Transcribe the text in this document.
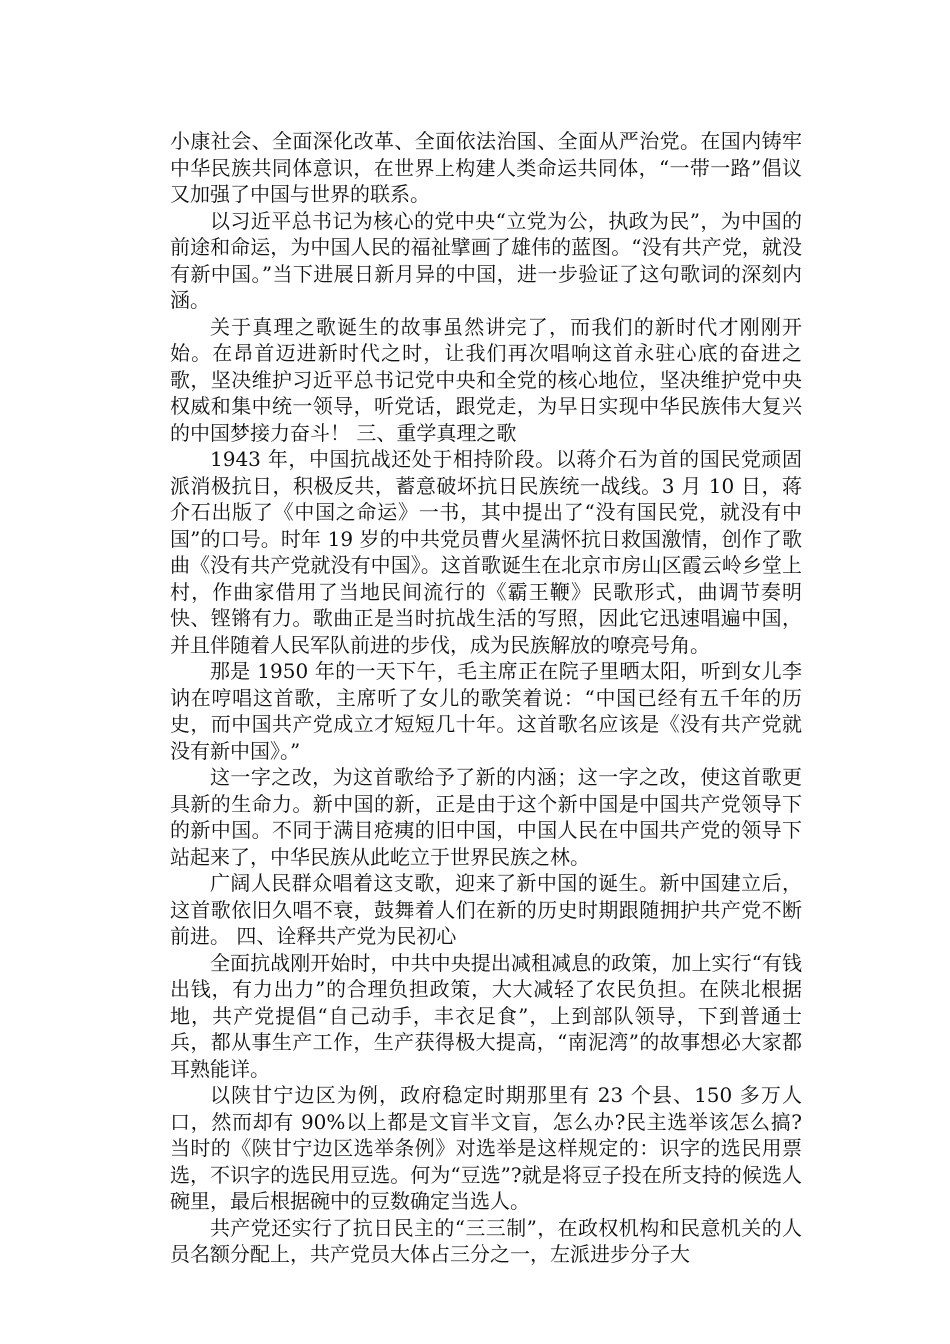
小康社会、全面深化改革、全面依法治国、全面从严治党。在国内铸牢中华民族共同体意识，在世界上构建人类命运共同体，“一带一路”倡议又加强了中国与世界的联系。

以习近平总书记为核心的党中央“立党为公，执政为民”，为中国的前途和命运，为中国人民的福祉擘画了雄伟的蓝图。“没有共产党，就没有新中国。”当下进展日新月异的中国，进一步验证了这句歌词的深刻内涵。

关于真理之歌诞生的故事虽然讲完了，而我们的新时代才刚刚开始。在昂首迈进新时代之时，让我们再次唱响这首永驻心底的奋进之歌，坚决维护习近平总书记党中央和全党的核心地位，坚决维护党中央权威和集中统一领导，听党话，跟党走，为早日实现中华民族伟大复兴的中国梦接力奋斗！ 三、重学真理之歌

1943 年，中国抗战还处于相持阶段。以蒋介石为首的国民党顽固派消极抗日，积极反共，蓄意破坏抗日民族统一战线。3 月 10 日，蒋介石出版了《中国之命运》一书，其中提出了“没有国民党，就没有中国”的口号。时年 19 岁的中共党员曹火星满怀抗日救国激情，创作了歌曲《没有共产党就没有中国》。这首歌诞生在北京市房山区霞云岭乡堂上村，作曲家借用了当地民间流行的《霸王鞭》民歌形式，曲调节奏明快、铿锵有力。歌曲正是当时抗战生活的写照，因此它迅速唱遍中国，并且伴随着人民军队前进的步伐，成为民族解放的嘹亮号角。

那是 1950 年的一天下午，毛主席正在院子里晒太阳，听到女儿李讷在哼唱这首歌，主席听了女儿的歌笑着说：“中国已经有五千年的历史，而中国共产党成立才短短几十年。这首歌名应该是《没有共产党就没有新中国》。”

这一字之改，为这首歌给予了新的内涵；这一字之改，使这首歌更具新的生命力。新中国的新，正是由于这个新中国是中国共产党领导下的新中国。不同于满目疮痍的旧中国，中国人民在中国共产党的领导下站起来了，中华民族从此屹立于世界民族之林。

广阔人民群众唱着这支歌，迎来了新中国的诞生。新中国建立后，这首歌依旧久唱不衰，鼓舞着人们在新的历史时期跟随拥护共产党不断前进。 四、诠释共产党为民初心

全面抗战刚开始时，中共中央提出减租减息的政策，加上实行“有钱出钱，有力出力”的合理负担政策，大大减轻了农民负担。在陕北根据地，共产党提倡“自己动手，丰衣足食”，上到部队领导，下到普通士兵，都从事生产工作，生产获得极大提高，“南泥湾”的故事想必大家都耳熟能详。

以陕甘宁边区为例，政府稳定时期那里有 23 个县、150 多万人口，然而却有 90%以上都是文盲半文盲，怎么办?民主选举该怎么搞?当时的《陕甘宁边区选举条例》对选举是这样规定的：识字的选民用票选，不识字的选民用豆选。何为“豆选”?就是将豆子投在所支持的候选人碗里，最后根据碗中的豆数确定当选人。

共产党还实行了抗日民主的“三三制”，在政权机构和民意机关的人员名额分配上，共产党员大体占三分之一，左派进步分子大
